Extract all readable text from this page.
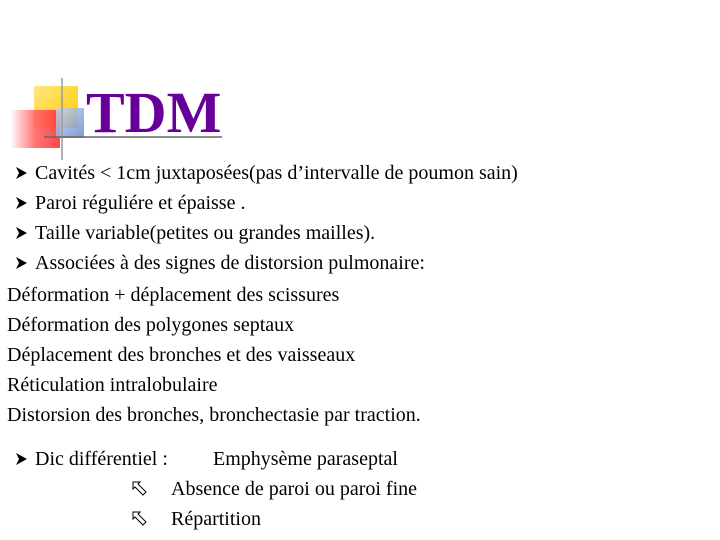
TDM
Cavités < 1cm juxtaposées(pas d’intervalle de poumon sain)
Paroi réguliére et épaisse .
Taille variable(petites ou grandes mailles).
Associées à des signes de distorsion pulmonaire:
Déformation + déplacement des scissures
Déformation des polygones septaux
Déplacement des bronches et des vaisseaux
Réticulation intralobulaire
Distorsion des bronches, bronchectasie par traction.
Dic différentiel : Emphysème paraseptal
Absence de paroi ou paroi fine
Répartition
